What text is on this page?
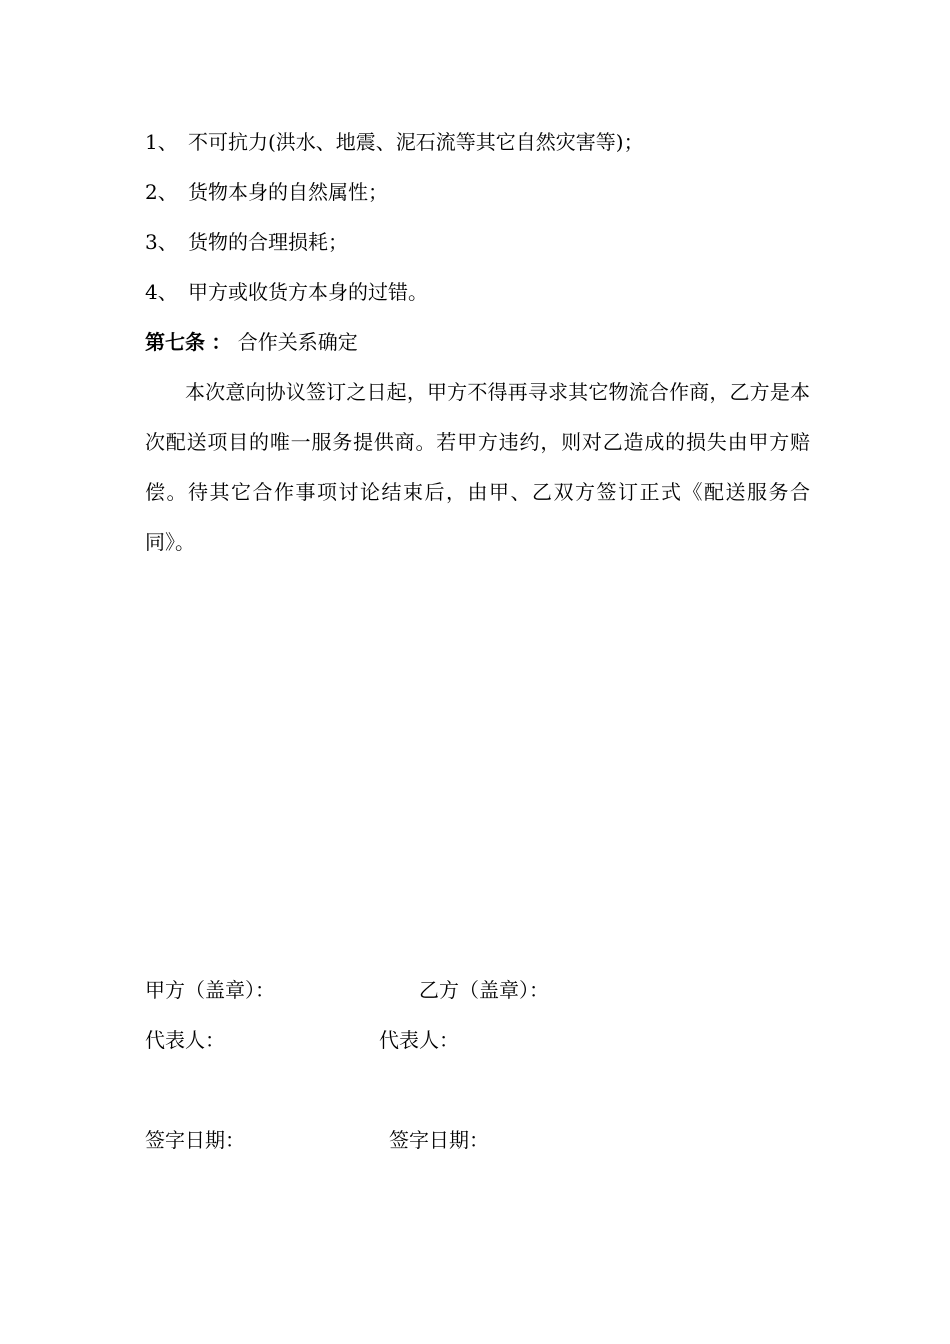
1、 不可抗力(洪水、地震、泥石流等其它自然灾害等)；
2、 货物本身的自然属性；
3、 货物的合理损耗；
4、 甲方或收货方本身的过错。
第七条 ： 合作关系确定
本次意向协议签订之日起，甲方不得再寻求其它物流合作商，乙方是本次配送项目的唯一服务提供商。若甲方违约，则对乙造成的损失由甲方赔偿。待其它合作事项讨论结束后，由甲、乙双方签订正式《配送服务合同》。
甲方（盖章）：	乙方（盖章）：
代表人：	代表人：
签字日期：	签字日期：
